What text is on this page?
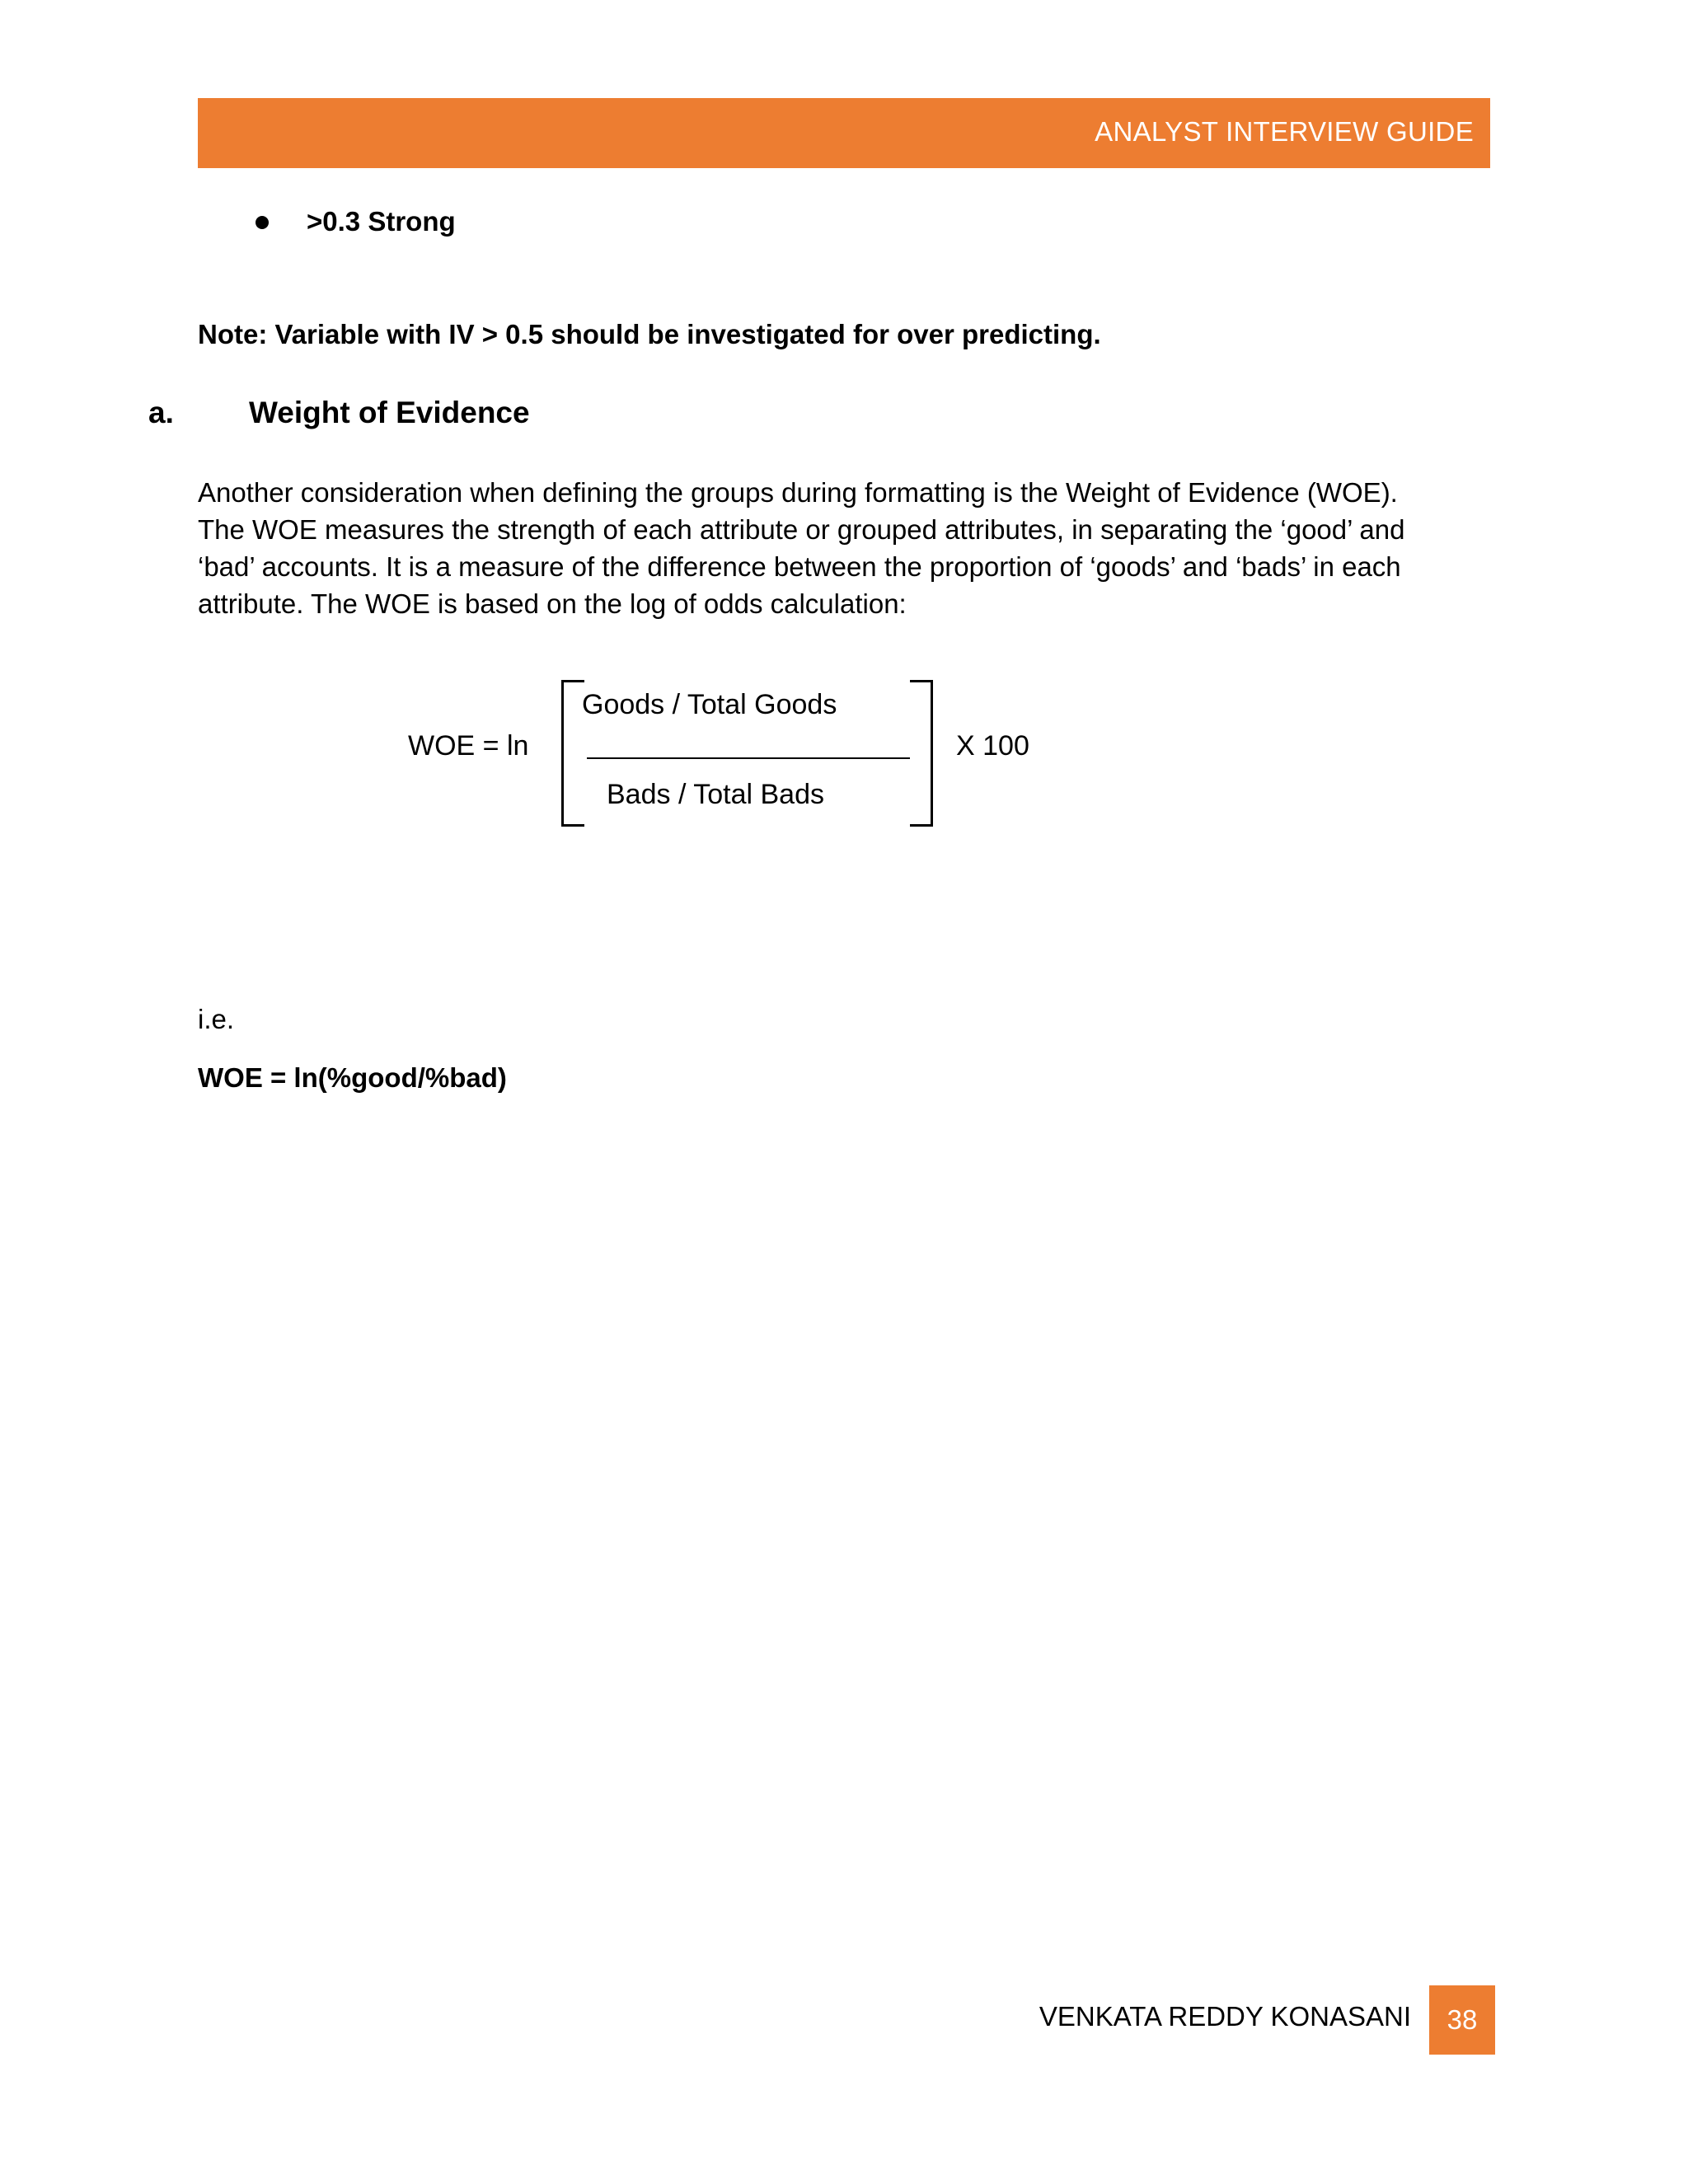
ANALYST INTERVIEW GUIDE
>0.3 Strong
Note: Variable with IV > 0.5 should be investigated for over predicting.
a. Weight of Evidence
Another consideration when defining the groups during formatting is the Weight of Evidence (WOE).
The WOE measures the strength of each attribute or grouped attributes, in separating the ‘good’ and
‘bad’ accounts. It is a measure of the difference between the proportion of ‘goods’ and ‘bads’ in each
attribute. The WOE is based on the log of odds calculation:
WOE = ln
Goods / Total Goods
Bads / Total Bads
X 100
i.e.
WOE = ln(%good/%bad)
VENKATA REDDY KONASANI 38
